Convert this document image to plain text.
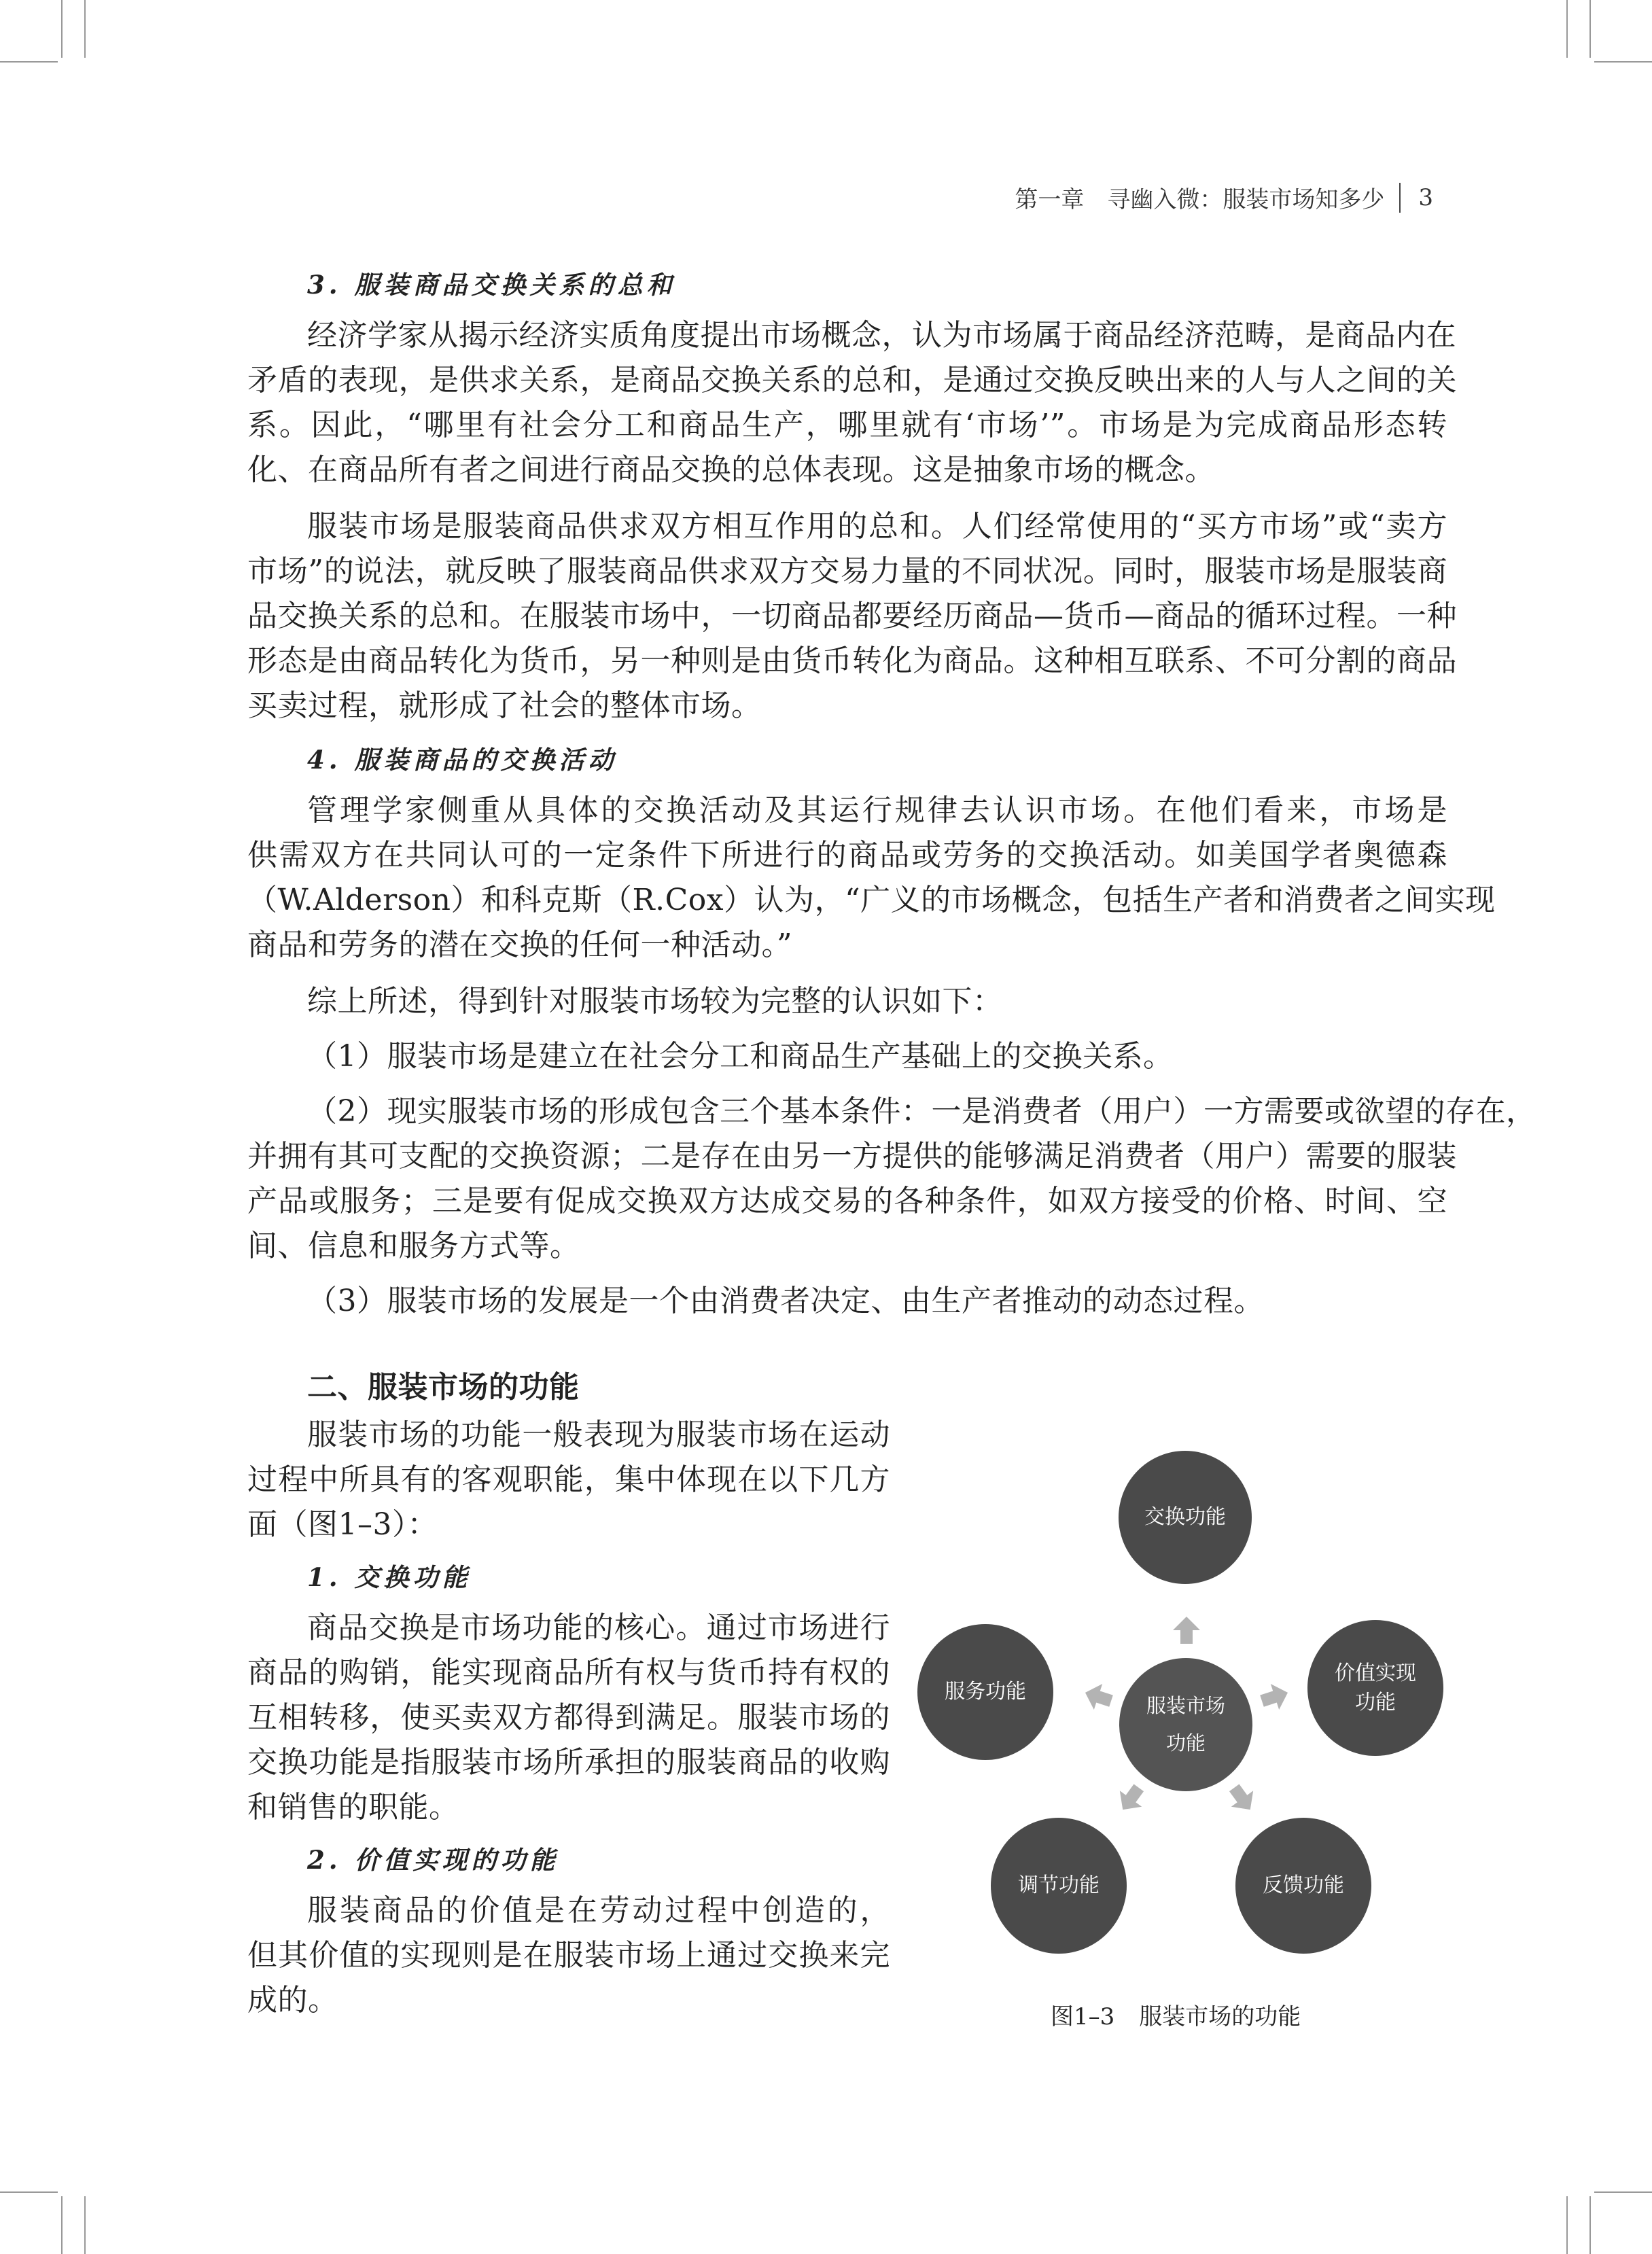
第一章　寻幽入微：服装市场知多少 3
3. 服装商品交换关系的总和
经济学家从揭示经济实质角度提出市场概念，认为市场属于商品经济范畴，是商品内在
矛盾的表现，是供求关系，是商品交换关系的总和，是通过交换反映出来的人与人之间的关
系。因此，“哪里有社会分工和商品生产，哪里就有‘市场’”。市场是为完成商品形态转
化、在商品所有者之间进行商品交换的总体表现。这是抽象市场的概念。
服装市场是服装商品供求双方相互作用的总和。人们经常使用的“买方市场”或“卖方
市场”的说法，就反映了服装商品供求双方交易力量的不同状况。同时，服装市场是服装商
品交换关系的总和。在服装市场中，一切商品都要经历商品—货币—商品的循环过程。一种
形态是由商品转化为货币，另一种则是由货币转化为商品。这种相互联系、不可分割的商品
买卖过程，就形成了社会的整体市场。
4. 服装商品的交换活动
管理学家侧重从具体的交换活动及其运行规律去认识市场。在他们看来，市场是
供需双方在共同认可的一定条件下所进行的商品或劳务的交换活动。如美国学者奥德森
（W.Alderson）和科克斯（R.Cox）认为，“广义的市场概念，包括生产者和消费者之间实现
商品和劳务的潜在交换的任何一种活动。”
综上所述，得到针对服装市场较为完整的认识如下：
（1）服装市场是建立在社会分工和商品生产基础上的交换关系。
（2）现实服装市场的形成包含三个基本条件：一是消费者（用户）一方需要或欲望的存在，
并拥有其可支配的交换资源；二是存在由另一方提供的能够满足消费者（用户）需要的服装
产品或服务；三是要有促成交换双方达成交易的各种条件，如双方接受的价格、时间、空
间、信息和服务方式等。
（3）服装市场的发展是一个由消费者决定、由生产者推动的动态过程。
二、服装市场的功能
服装市场的功能一般表现为服装市场在运动
过程中所具有的客观职能，集中体现在以下几方
面（图1–3）：
1. 交换功能
商品交换是市场功能的核心。通过市场进行
商品的购销，能实现商品所有权与货币持有权的
互相转移，使买卖双方都得到满足。服装市场的
交换功能是指服装市场所承担的服装商品的收购
和销售的职能。
2. 价值实现的功能
服装商品的价值是在劳动过程中创造的，
但其价值的实现则是在服装市场上通过交换来完
成的。
交换功能
服务功能
价值实现
功能
调节功能	反馈功能
服装市场
功能
图1–3 服装市场的功能
